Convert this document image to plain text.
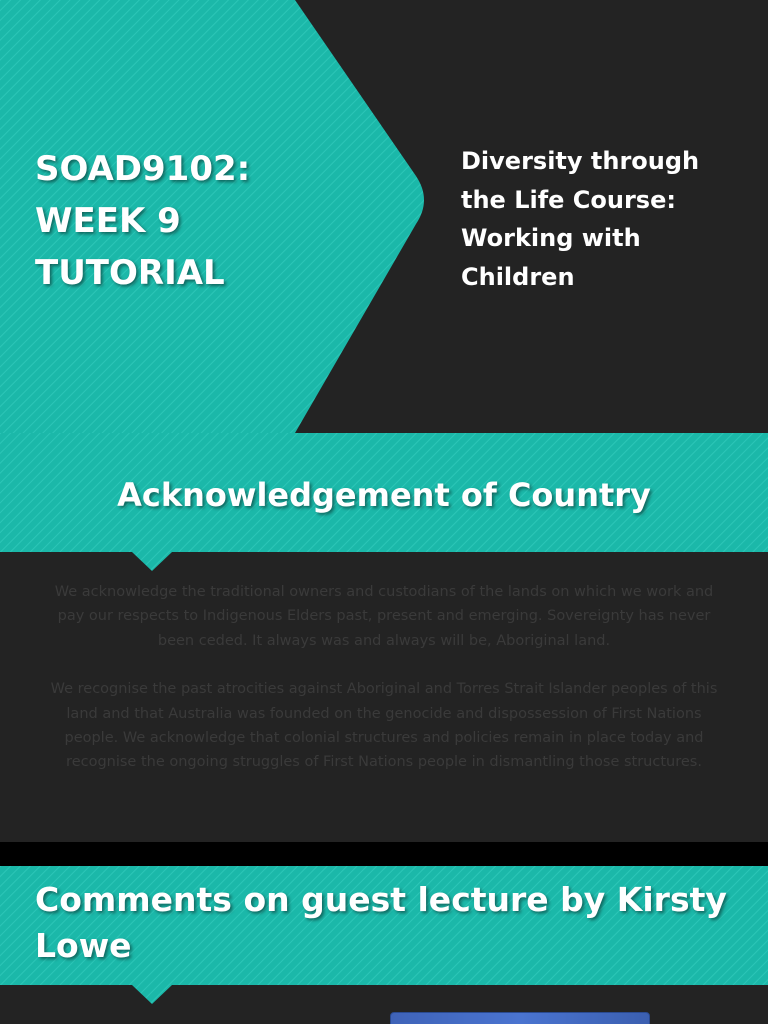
SOAD9102:
WEEK 9
TUTORIAL
Diversity through
the Life Course:
Working with
Children
Acknowledgement of Country

We acknowledge the traditional owners and custodians of the lands on which we work and pay our respects to Indigenous Elders past, present and emerging. Sovereignty has never been ceded. It always was and always will be, Aboriginal land.

We recognise the past atrocities against Aboriginal and Torres Strait Islander peoples of this land and that Australia was founded on the genocide and dispossession of First Nations people. We acknowledge that colonial structures and policies remain in place today and recognise the ongoing struggles of First Nations people in dismantling those structures.

Comments on guest lecture by Kirsty
Lowe
